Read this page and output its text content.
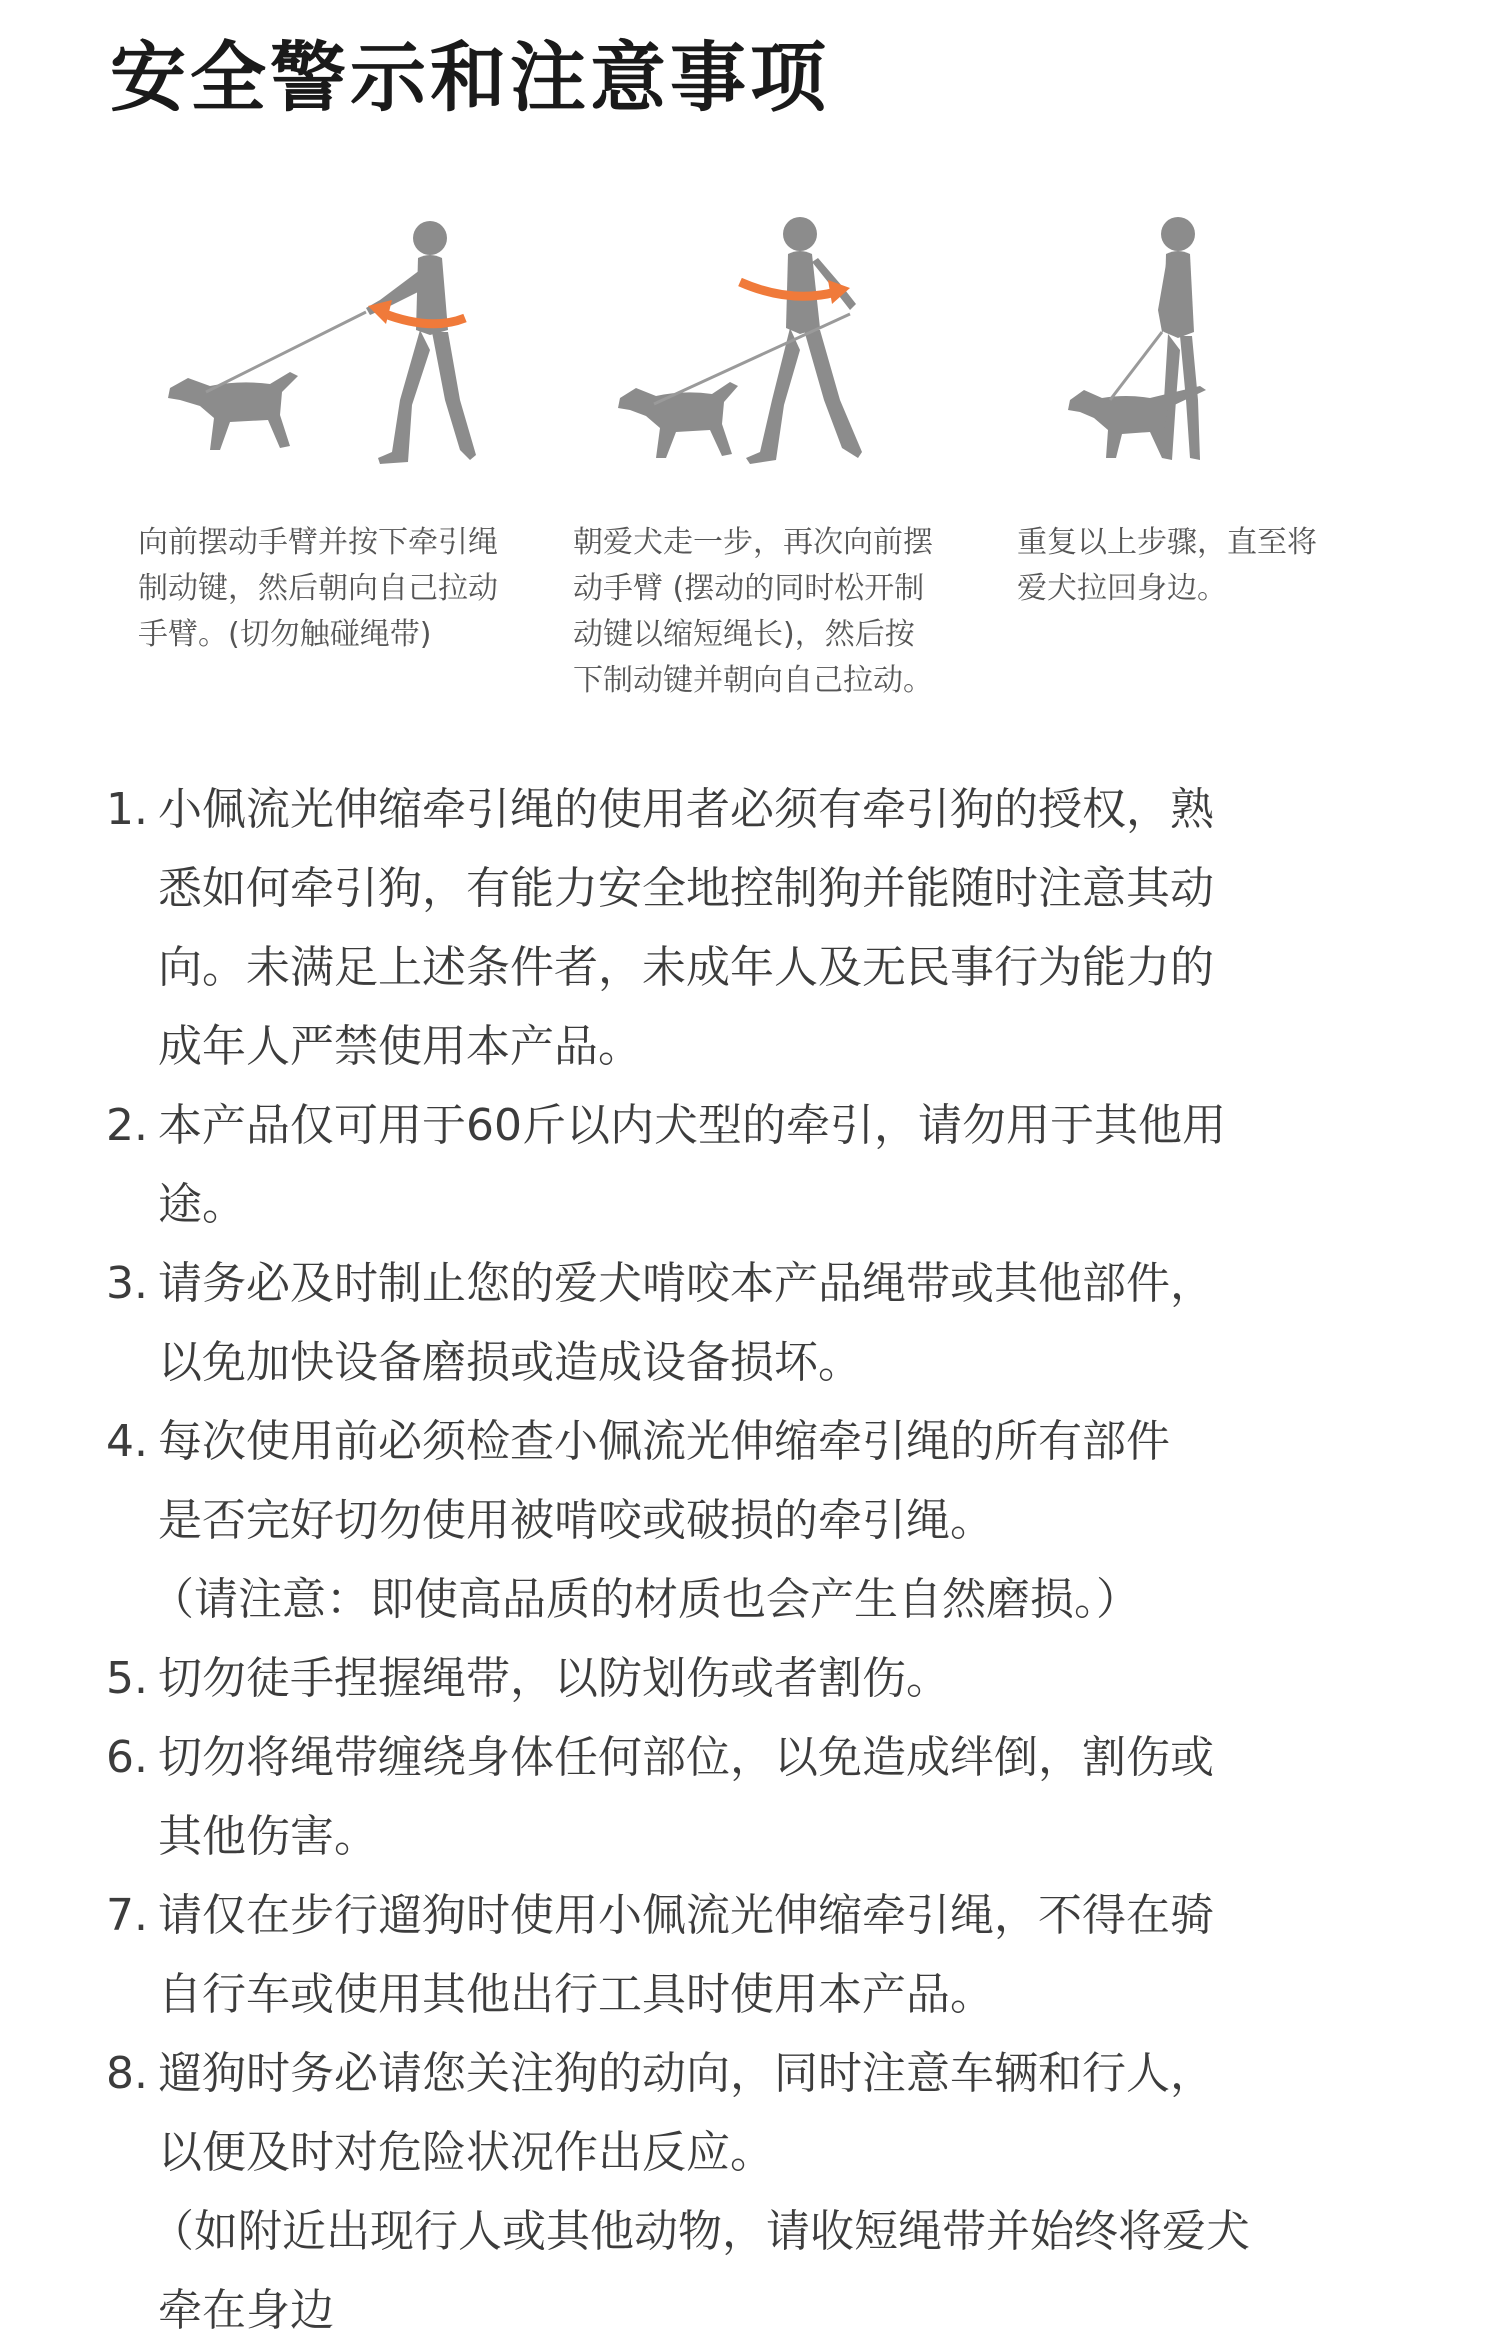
安全警示和注意事项

向前摆动手臂并按下牵引绳
制动键，然后朝向自己拉动
手臂。(切勿触碰绳带)

朝爱犬走一步，再次向前摆
动手臂 (摆动的同时松开制
动键以缩短绳长)，然后按
下制动键并朝向自己拉动。

重复以上步骤，直至将
爱犬拉回身边。

1. 小佩流光伸缩牵引绳的使用者必须有牵引狗的授权，熟
悉如何牵引狗，有能力安全地控制狗并能随时注意其动
向。未满足上述条件者，未成年人及无民事行为能力的
成年人严禁使用本产品。
2. 本产品仅可用于60斤以内犬型的牵引，请勿用于其他用
途。
3. 请务必及时制止您的爱犬啃咬本产品绳带或其他部件，
以免加快设备磨损或造成设备损坏。
4. 每次使用前必须检查小佩流光伸缩牵引绳的所有部件
是否完好切勿使用被啃咬或破损的牵引绳。
（请注意：即使高品质的材质也会产生自然磨损。）
5. 切勿徒手捏握绳带，以防划伤或者割伤。
6. 切勿将绳带缠绕身体任何部位，以免造成绊倒，割伤或
其他伤害。
7. 请仅在步行遛狗时使用小佩流光伸缩牵引绳，不得在骑
自行车或使用其他出行工具时使用本产品。
8. 遛狗时务必请您关注狗的动向，同时注意车辆和行人，
以便及时对危险状况作出反应。
（如附近出现行人或其他动物，请收短绳带并始终将爱犬
牵在身边
